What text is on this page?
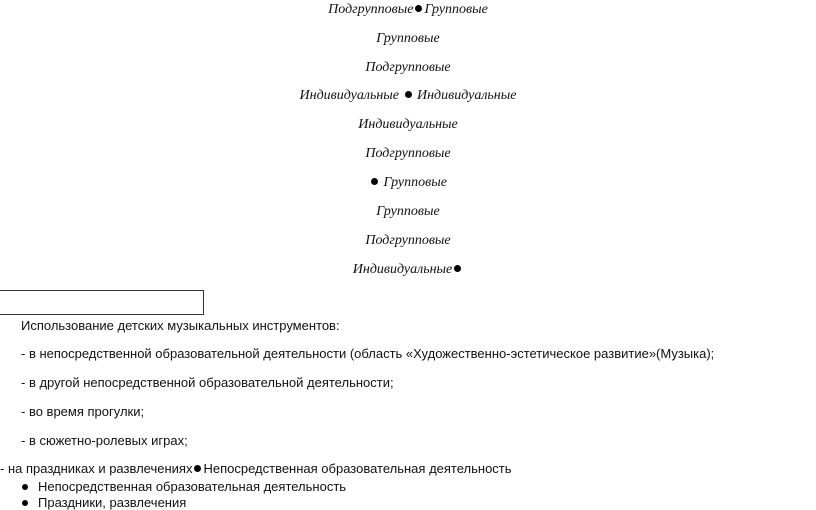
Подгрупповые Групповые
Групповые
Подгрупповые
Индивидуальные Индивидуальные
Индивидуальные
Подгрупповые
Групповые
Групповые
Подгрупповые
Индивидуальные
Использование детских музыкальных инструментов:
- в непосредственной образовательной деятельности (область «Художественно-эстетическое развитие»(Музыка);
- в другой непосредственной образовательной деятельности;
- во время прогулки;
- в сюжетно-ролевых играх;
- на праздниках и развлечениях Непосредственная образовательная деятельность
Непосредственная образовательная деятельность
Праздники, развлечения
